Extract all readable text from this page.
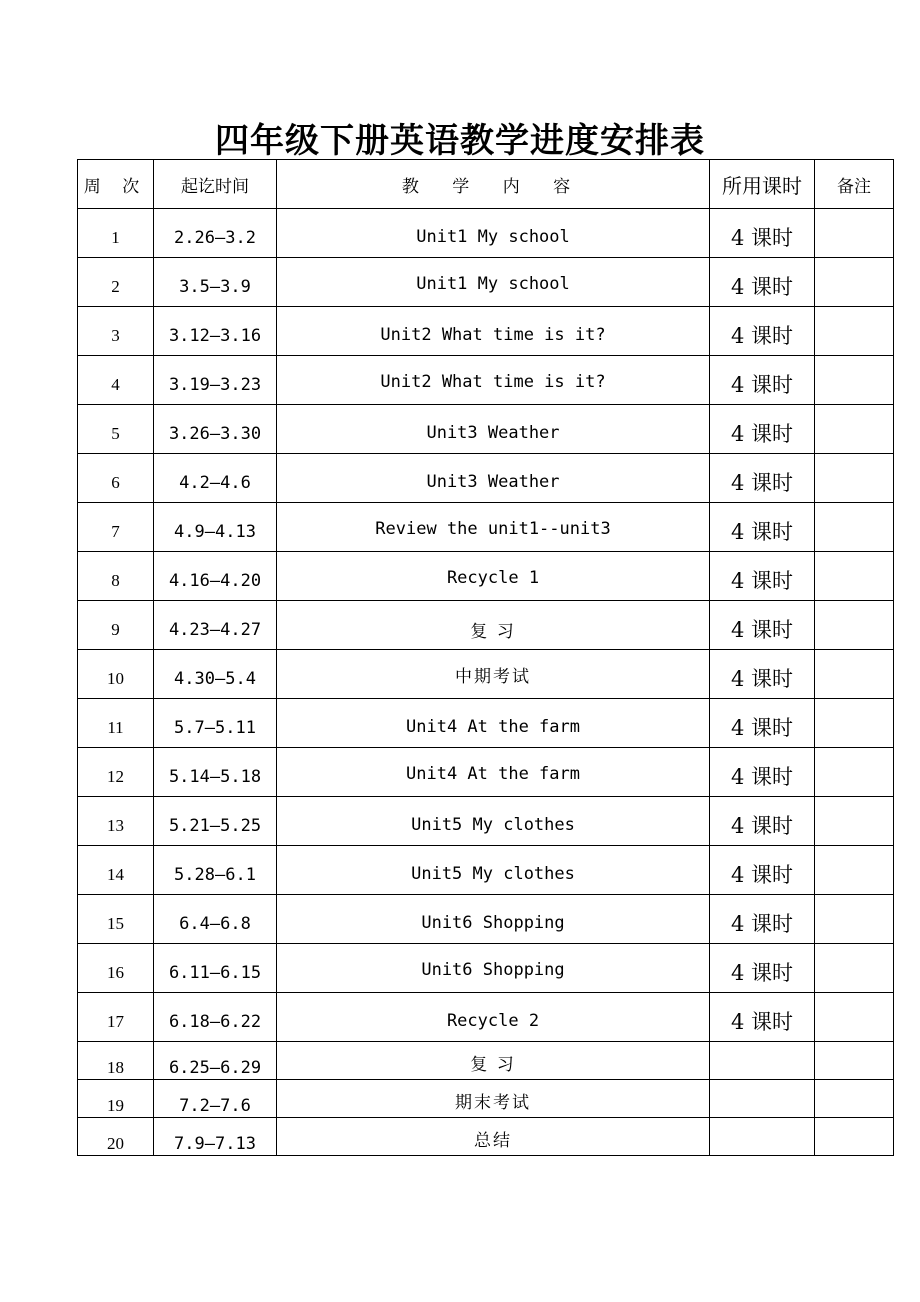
四年级下册英语教学进度安排表
周 次	起讫时间	教 学 内 容	所用课时	备注
1	2.26—3.2	Unit1 My school	4 课时	
2	3.5—3.9	Unit1 My school	4 课时	
3	3.12—3.16	Unit2 What time is it?	4 课时	
4	3.19—3.23	Unit2 What time is it?	4 课时	
5	3.26—3.30	Unit3 Weather	4 课时	
6	4.2—4.6	Unit3 Weather	4 课时	
7	4.9—4.13	Review the unit1--unit3	4 课时	
8	4.16—4.20	Recycle 1	4 课时	
9	4.23—4.27	复 习	4 课时	
10	4.30—5.4	中期考试	4 课时	
11	5.7—5.11	Unit4 At the farm	4 课时	
12	5.14—5.18	Unit4 At the farm	4 课时	
13	5.21—5.25	Unit5 My clothes	4 课时	
14	5.28—6.1	Unit5 My clothes	4 课时	
15	6.4—6.8	Unit6 Shopping	4 课时	
16	6.11—6.15	Unit6 Shopping	4 课时	
17	6.18—6.22	Recycle 2	4 课时	
18	6.25—6.29	复 习		
19	7.2—7.6	期末考试		
20	7.9—7.13	总结		
